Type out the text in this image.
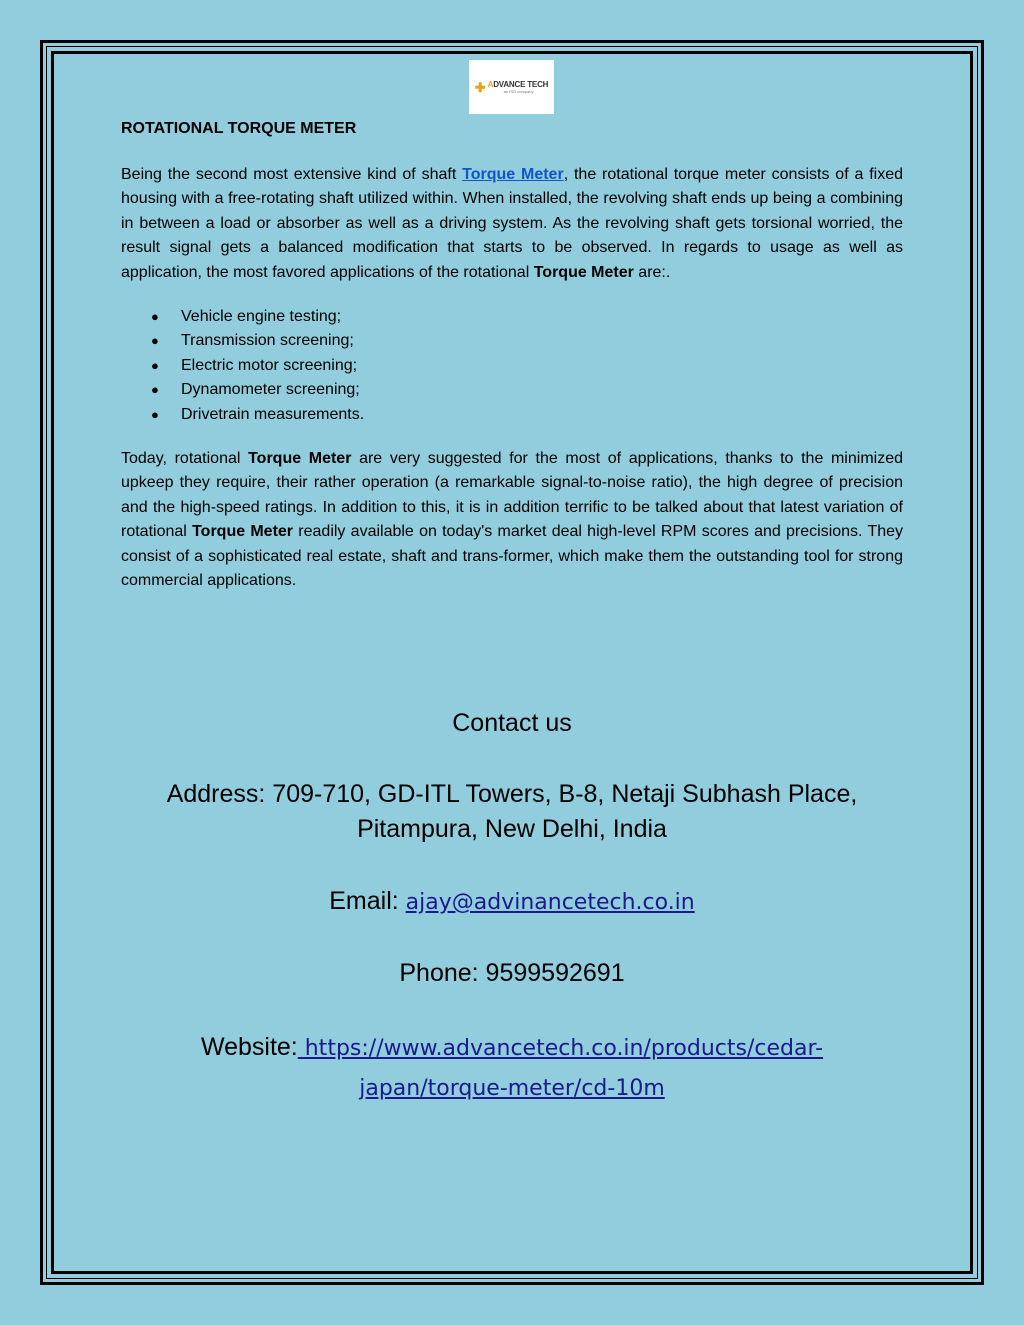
✚ ADVANCE TECH
an ISO company
ROTATIONAL TORQUE METER

Being the second most extensive kind of shaft Torque Meter, the rotational torque meter consists of a fixed housing with a free-rotating shaft utilized within. When installed, the revolving shaft ends up being a combining in between a load or absorber as well as a driving system. As the revolving shaft gets torsional worried, the result signal gets a balanced modification that starts to be observed. In regards to usage as well as application, the most favored applications of the rotational Torque Meter are:.

●	Vehicle engine testing;
●	Transmission screening;
●	Electric motor screening;
●	Dynamometer screening;
●	Drivetrain measurements.

Today, rotational Torque Meter are very suggested for the most of applications, thanks to the minimized upkeep they require, their rather operation (a remarkable signal-to-noise ratio), the high degree of precision and the high-speed ratings. In addition to this, it is in addition terrific to be talked about that latest variation of rotational Torque Meter readily available on today's market deal high-level RPM scores and precisions. They consist of a sophisticated real estate, shaft and trans-former, which make them the outstanding tool for strong commercial applications.

Contact us
Address: 709-710, GD-ITL Towers, B-8, Netaji Subhash Place,
Pitampura, New Delhi, India
Email: ajay@advinancetech.co.in
Phone: 9599592691
Website: https://www.advancetech.co.in/products/cedar-
japan/torque-meter/cd-10m
